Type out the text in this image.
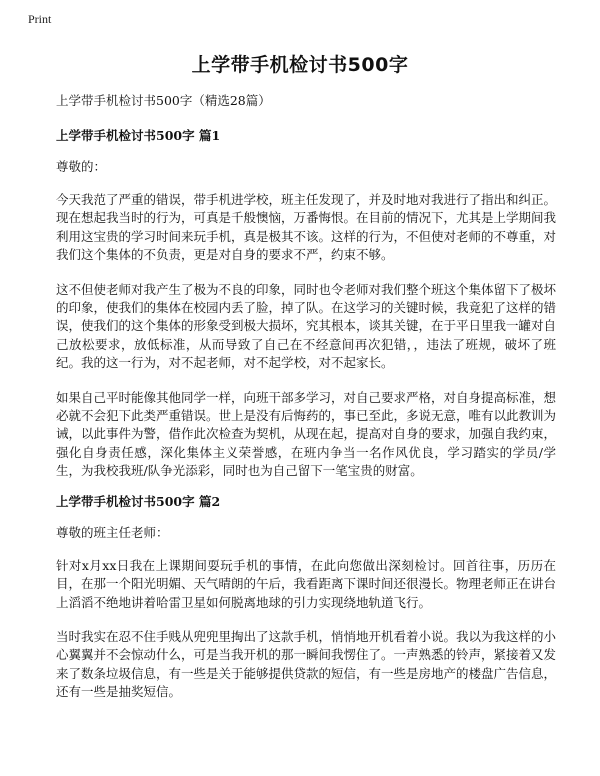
Print
上学带手机检讨书500字

上学带手机检讨书500字（精选28篇）

上学带手机检讨书500字 篇1

尊敬的：

今天我范了严重的错误，带手机进学校，班主任发现了，并及时地对我进行了指出和纠正。现在想起我当时的行为，可真是千般懊恼，万番悔恨。在目前的情况下，尤其是上学期间我利用这宝贵的学习时间来玩手机，真是极其不该。这样的行为，不但使对老师的不尊重，对我们这个集体的不负责，更是对自身的要求不严，约束不够。

这不但使老师对我产生了极为不良的印象，同时也令老师对我们整个班这个集体留下了极坏的印象，使我们的集体在校园内丢了脸，掉了队。在这学习的关键时候，我竟犯了这样的错误，使我们的这个集体的形象受到极大损坏，究其根本，谈其关键，在于平日里我一罐对自己放松要求，放低标准，从而导致了自己在不经意间再次犯错，，违法了班规，破坏了班纪。我的这一行为，对不起老师，对不起学校，对不起家长。

如果自己平时能像其他同学一样，向班干部多学习，对自己要求严格，对自身提高标准，想必就不会犯下此类严重错误。世上是没有后悔药的，事已至此，多说无意，唯有以此教训为诫，以此事件为警，借作此次检查为契机，从现在起，提高对自身的要求，加强自我约束，强化自身责任感，深化集体主义荣誉感，在班内争当一名作风优良，学习踏实的学员/学生，为我校我班/队争光添彩，同时也为自己留下一笔宝贵的财富。

上学带手机检讨书500字 篇2

尊敬的班主任老师：

针对x月xx日我在上课期间耍玩手机的事情，在此向您做出深刻检讨。回首往事，历历在目，在那一个阳光明媚、天气晴朗的午后，我看距离下课时间还很漫长。物理老师正在讲台上滔滔不绝地讲着哈雷卫星如何脱离地球的引力实现绕地轨道飞行。

当时我实在忍不住手贱从兜兜里掏出了这款手机，悄悄地开机看着小说。我以为我这样的小心翼翼并不会惊动什么，可是当我开机的那一瞬间我愣住了。一声熟悉的铃声，紧接着又发来了数条垃圾信息，有一些是关于能够提供贷款的短信，有一些是房地产的楼盘广告信息，还有一些是抽奖短信。
